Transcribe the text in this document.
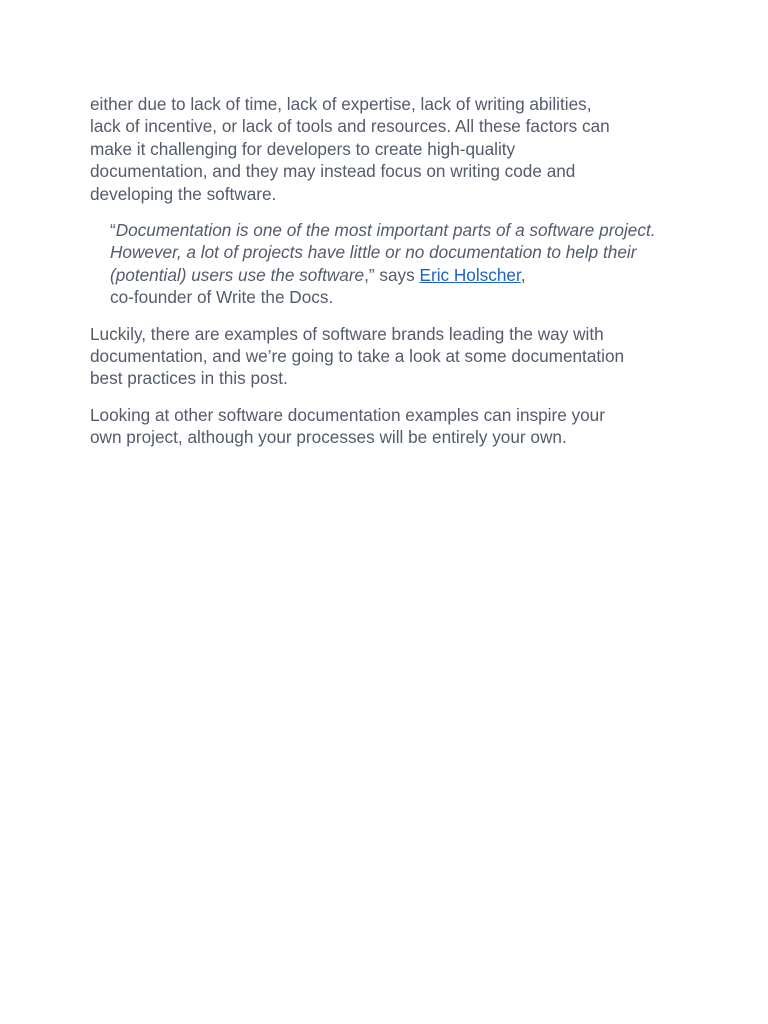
either due to lack of time, lack of expertise, lack of writing abilities,
lack of incentive, or lack of tools and resources. All these factors can
make it challenging for developers to create high-quality
documentation, and they may instead focus on writing code and
developing the software.

“Documentation is one of the most important parts of a software project. However, a lot of projects have little or no documentation to help their (potential) users use the software,” says Eric Holscher,
co-founder of Write the Docs.

Luckily, there are examples of software brands leading the way with
documentation, and we’re going to take a look at some documentation
best practices in this post.

Looking at other software documentation examples can inspire your
own project, although your processes will be entirely your own.
